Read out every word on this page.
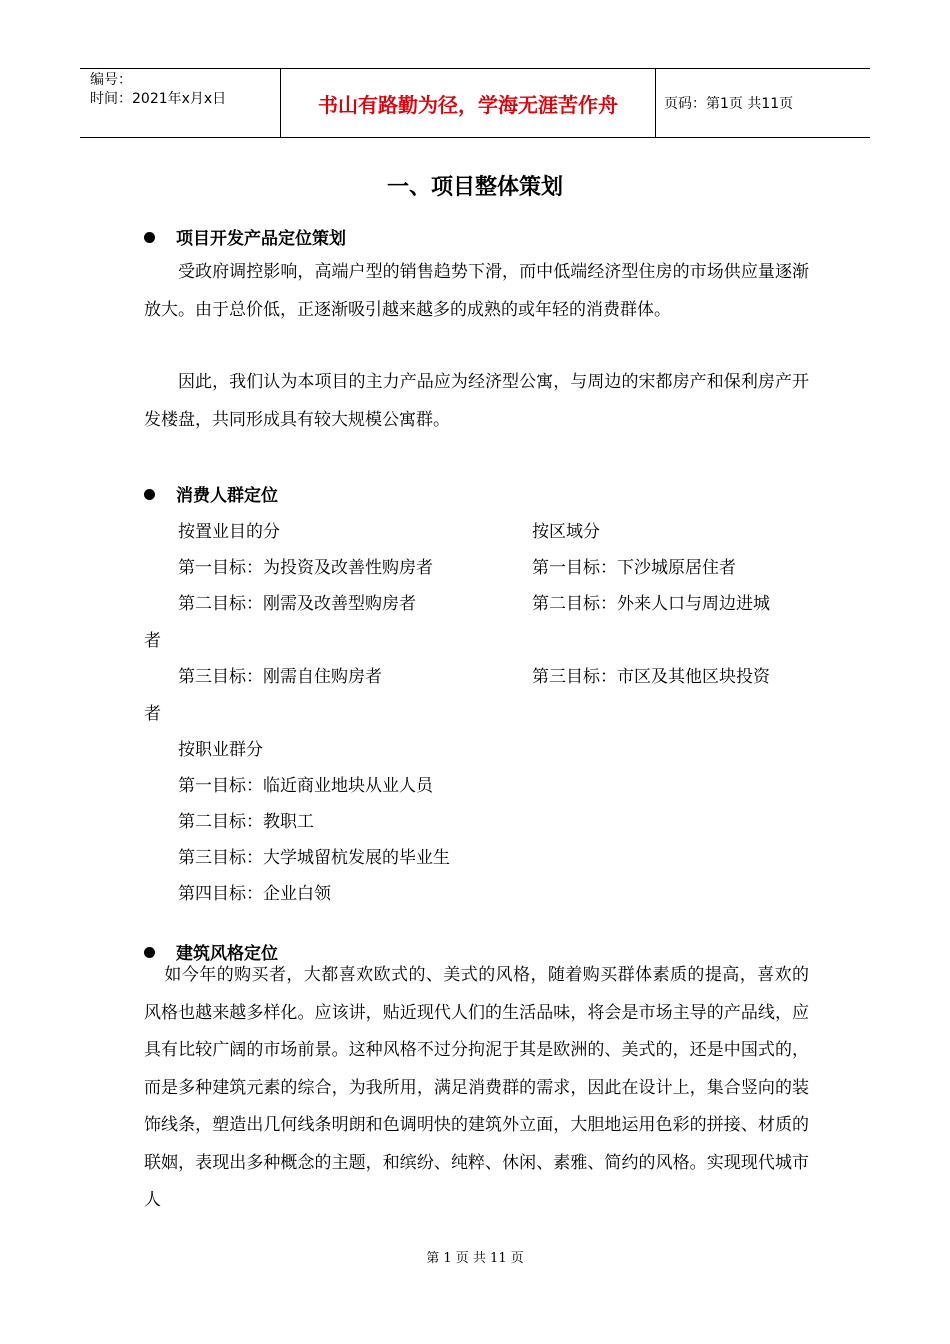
编号：
时间：2021年x月x日	书山有路勤为径，学海无涯苦作舟	页码：第1页 共11页
一、项目整体策划
项目开发产品定位策划

受政府调控影响，高端户型的销售趋势下滑，而中低端经济型住房的市场供应量逐渐放大。由于总价低，正逐渐吸引越来越多的成熟的或年轻的消费群体。

因此，我们认为本项目的主力产品应为经济型公寓，与周边的宋都房产和保利房产开发楼盘，共同形成具有较大规模公寓群。

消费人群定位
按置业目的分	按区域分
第一目标：为投资及改善性购房者	第一目标：下沙城原居住者
第二目标：刚需及改善型购房者	第二目标：外来人口与周边进城
者
第三目标：刚需自住购房者	第三目标：市区及其他区块投资
者
按职业群分
第一目标：临近商业地块从业人员
第二目标：教职工
第三目标：大学城留杭发展的毕业生
第四目标：企业白领
建筑风格定位

如今年的购买者，大都喜欢欧式的、美式的风格，随着购买群体素质的提高，喜欢的风格也越来越多样化。应该讲，贴近现代人们的生活品味，将会是市场主导的产品线，应具有比较广阔的市场前景。这种风格不过分拘泥于其是欧洲的、美式的，还是中国式的，而是多种建筑元素的综合，为我所用，满足消费群的需求，因此在设计上，集合竖向的装饰线条，塑造出几何线条明朗和色调明快的建筑外立面，大胆地运用色彩的拼接、材质的联姻，表现出多种概念的主题，和缤纷、纯粹、休闲、素雅、简约的风格。实现现代城市人

第 1 页 共 11 页
